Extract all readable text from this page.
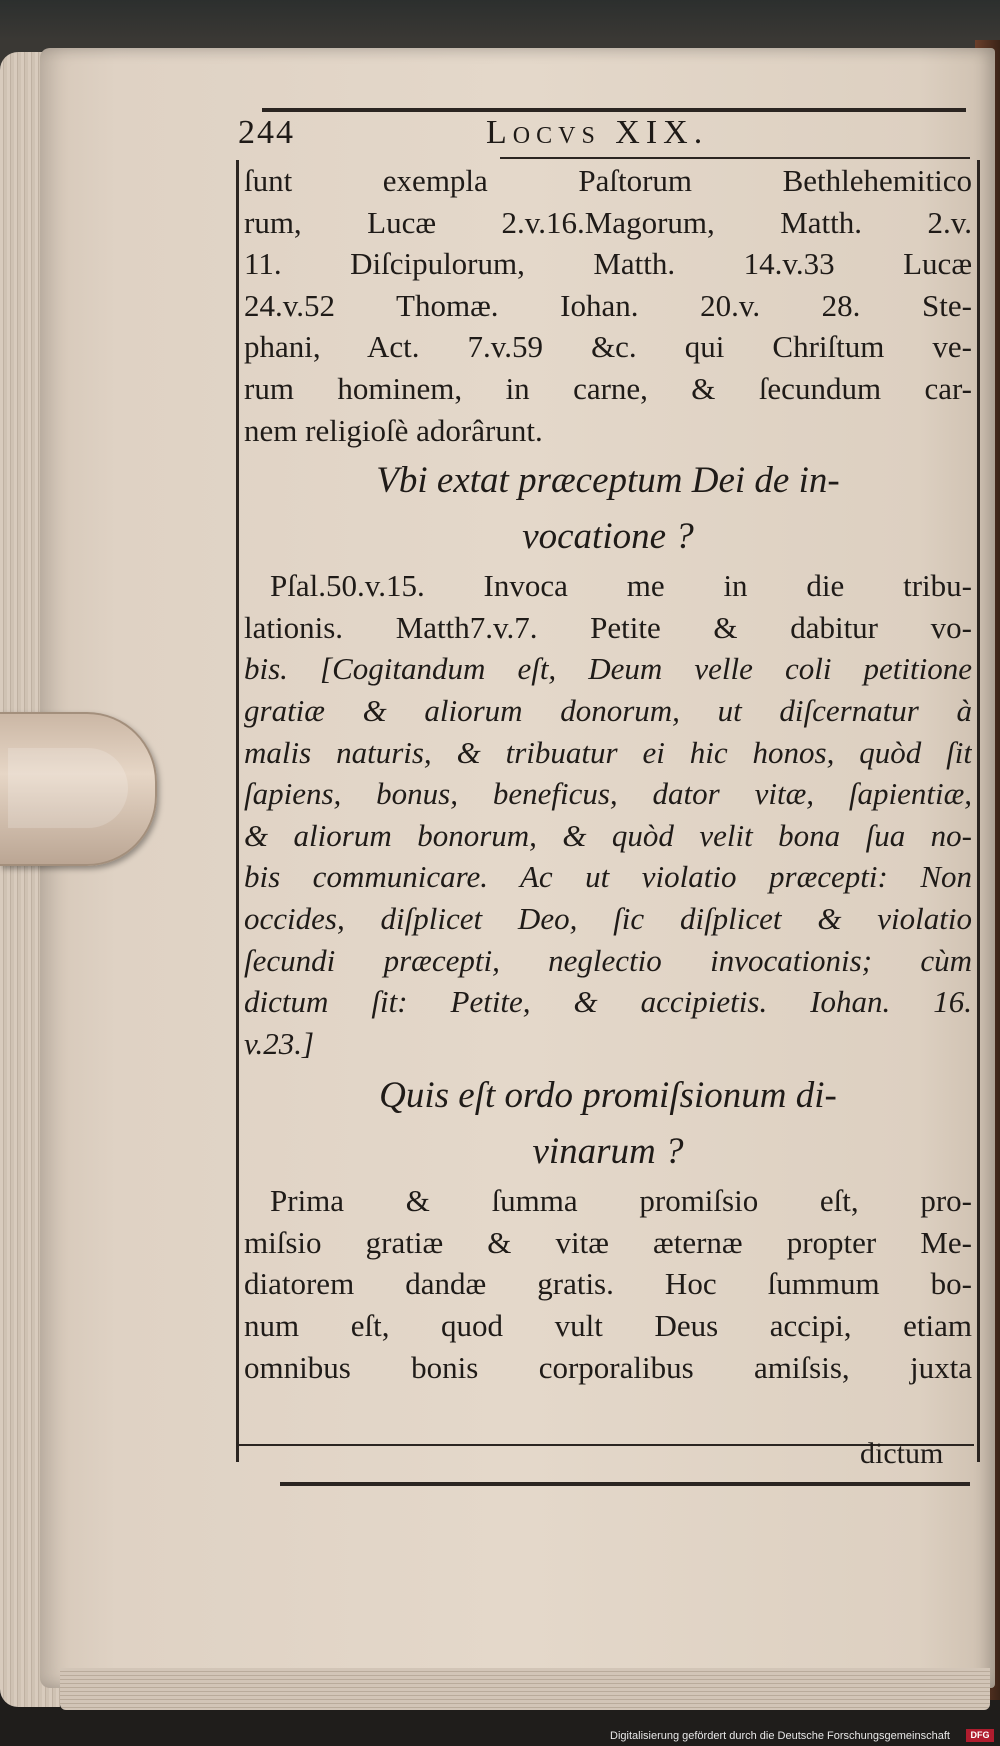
244	Locvs XIX.
ſunt exempla Paſtorum Bethlehemitico
rum, Lucæ 2.v.16.Magorum, Matth. 2.v.
11. Diſcipulorum, Matth. 14.v.33 Lucæ
24.v.52 Thomæ. Iohan. 20.v. 28. Ste-
phani, Act. 7.v.59 &c. qui Chriſtum ve-
rum hominem, in carne, & ſecundum car-
nem religioſè adorârunt.
Vbi extat præceptum Dei de in-
vocatione ?
Pſal.50.v.15. Invoca me in die tribu-
lationis. Matth7.v.7. Petite & dabitur vo-
bis. [Cogitandum eſt, Deum velle coli petitione
gratiæ & aliorum donorum, ut diſcernatur à
malis naturis, & tribuatur ei hic honos, quòd ſit
ſapiens, bonus, beneficus, dator vitæ, ſapientiæ,
& aliorum bonorum, & quòd velit bona ſua no-
bis communicare. Ac ut violatio præcepti: Non
occides, diſplicet Deo, ſic diſplicet & violatio
ſecundi præcepti, neglectio invocationis; cùm
dictum ſit: Petite, & accipietis. Iohan. 16.
v.23.]
Quis eſt ordo promiſsionum di-
vinarum ?
Prima & ſumma promiſsio eſt, pro-
miſsio gratiæ & vitæ æternæ propter Me-
diatorem dandæ gratis. Hoc ſummum bo-
num eſt, quod vult Deus accipi, etiam
omnibus bonis corporalibus amiſsis, juxta
dictum
Digitalisierung gefördert durch die Deutsche Forschungsgemeinschaft	DFG
